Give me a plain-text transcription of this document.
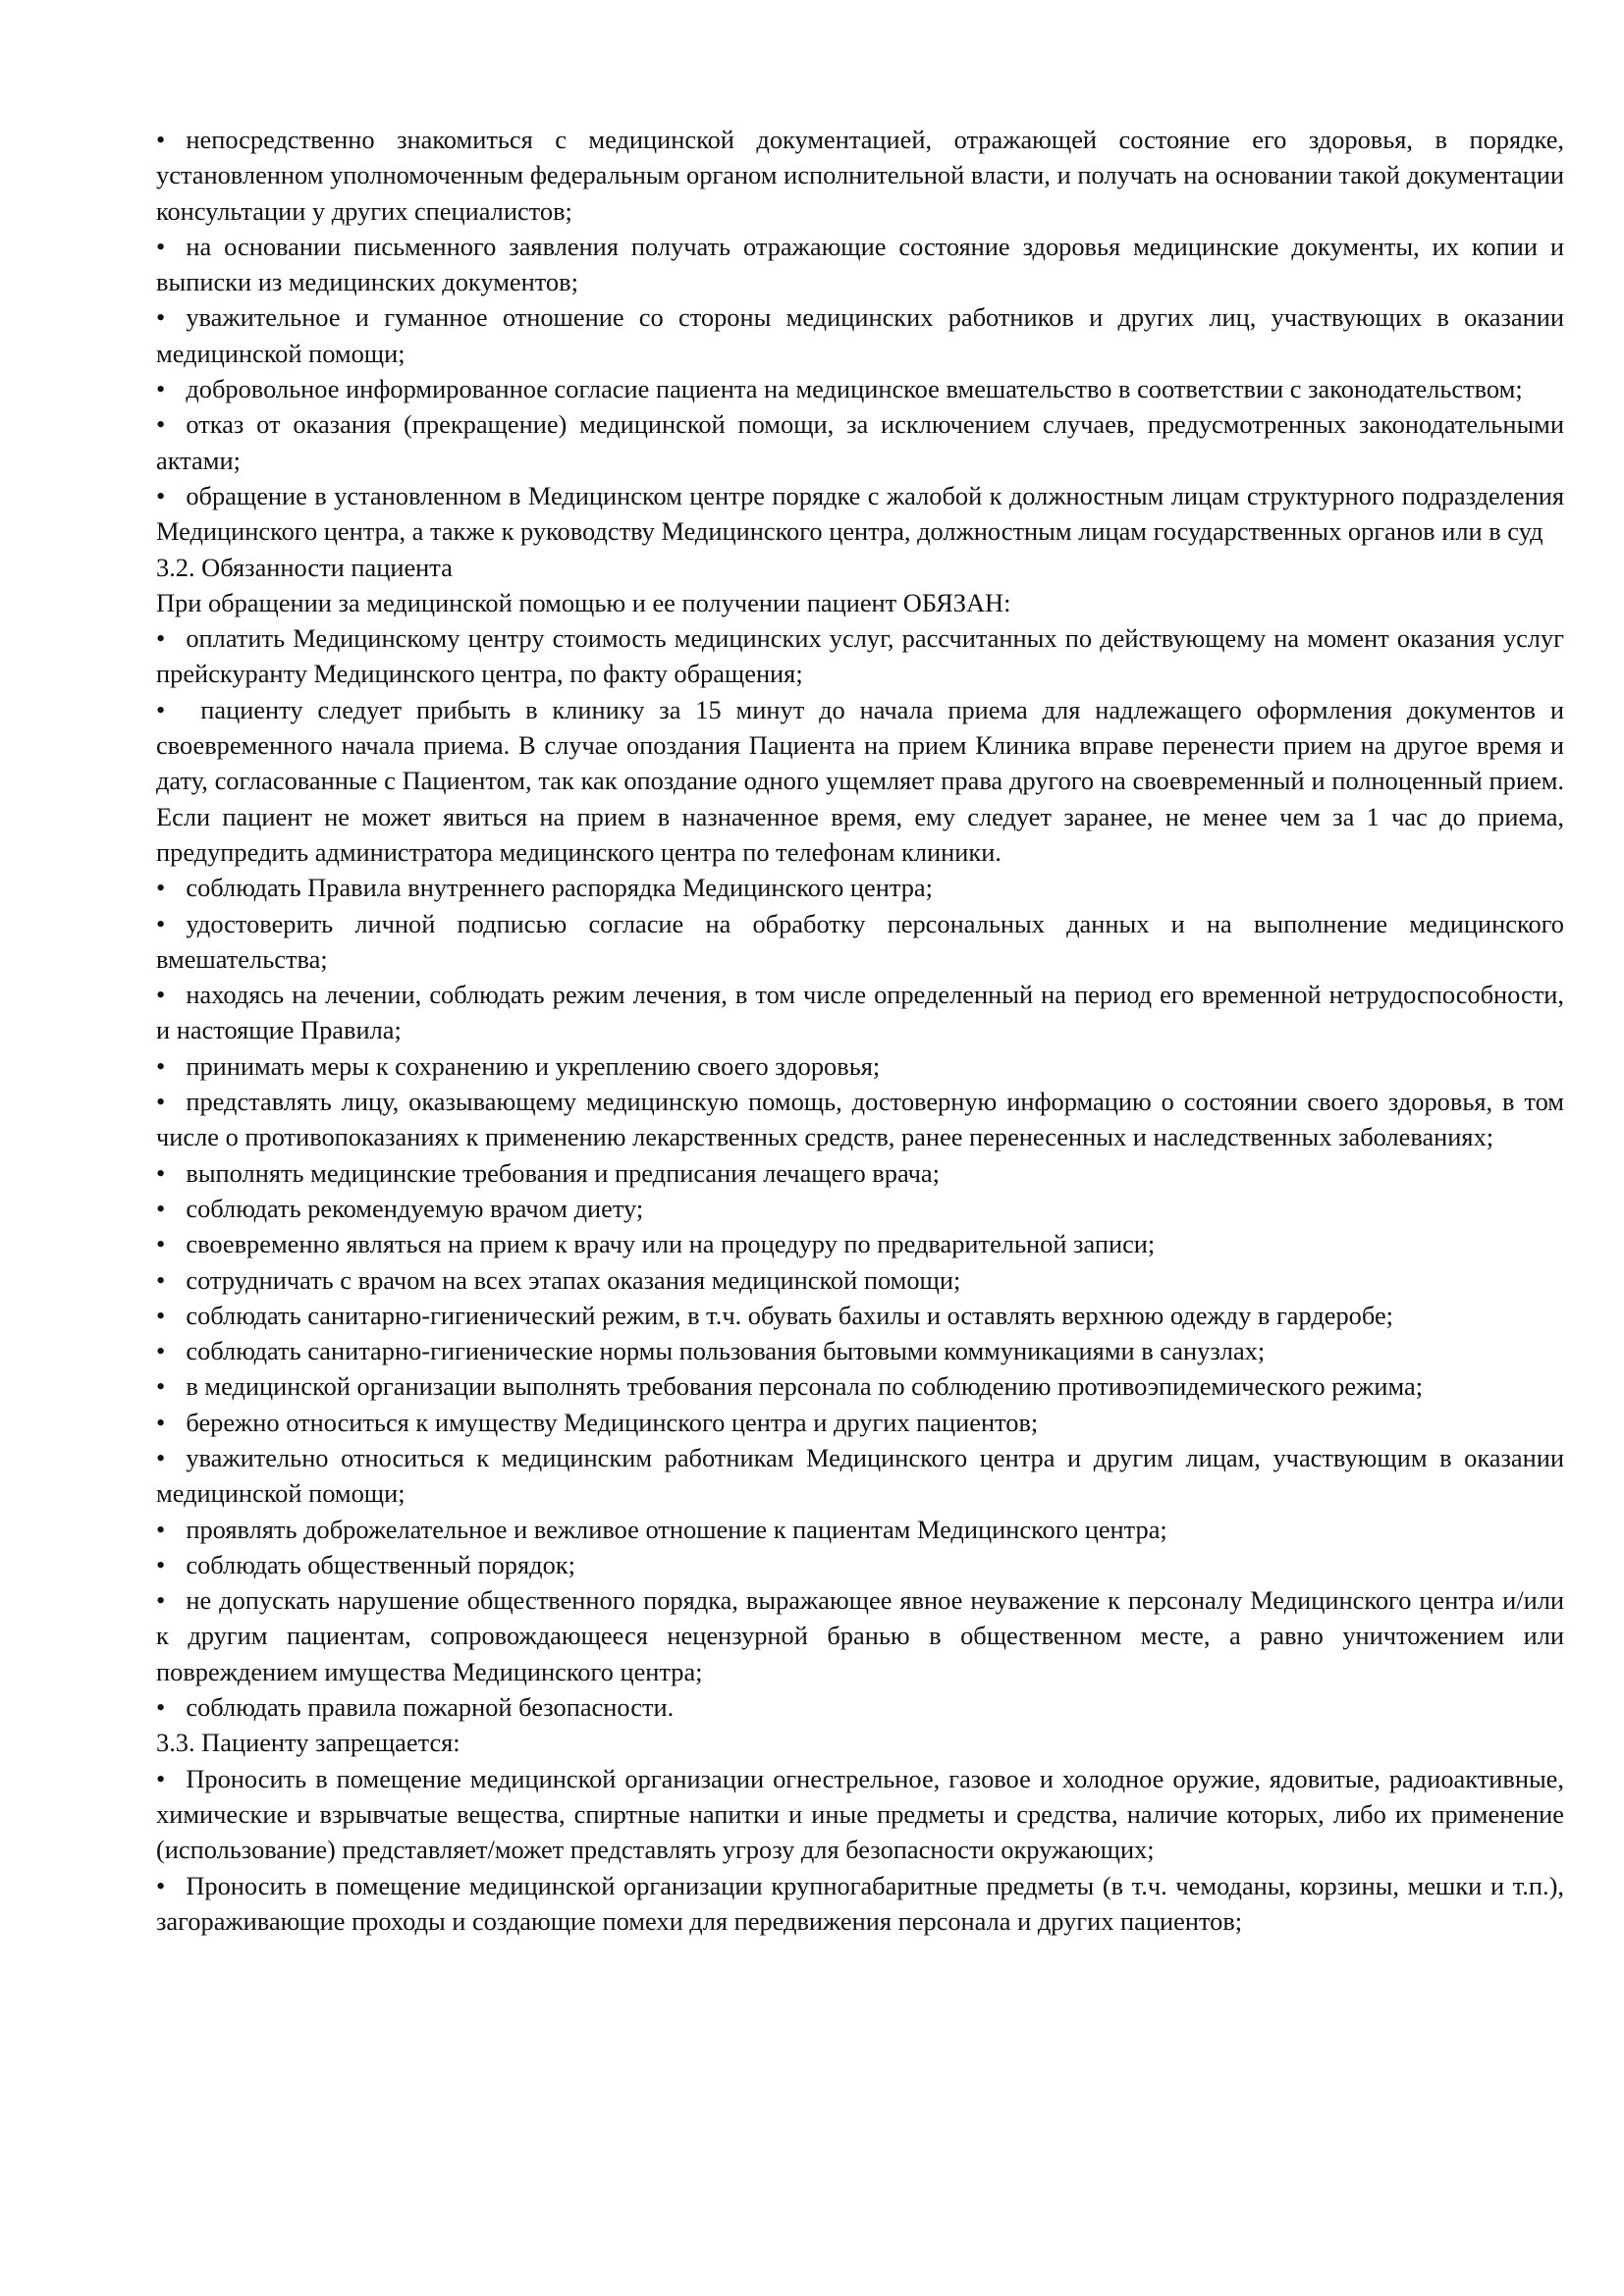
• непосредственно знакомиться с медицинской документацией, отражающей состояние его здоровья, в порядке, установленном уполномоченным федеральным органом исполнительной власти, и получать на основании такой документации консультации у других специалистов;

• на основании письменного заявления получать отражающие состояние здоровья медицинские документы, их копии и выписки из медицинских документов;

• уважительное и гуманное отношение со стороны медицинских работников и других лиц, участвующих в оказании медицинской помощи;

• добровольное информированное согласие пациента на медицинское вмешательство в соответствии с законодательством;

• отказ от оказания (прекращение) медицинской помощи, за исключением случаев, предусмотренных законодательными актами;

• обращение в установленном в Медицинском центре порядке с жалобой к должностным лицам структурного подразделения Медицинского центра, а также к руководству Медицинского центра, должностным лицам государственных органов или в суд

3.2. Обязанности пациента

При обращении за медицинской помощью и ее получении пациент ОБЯЗАН:

• оплатить Медицинскому центру стоимость медицинских услуг, рассчитанных по действующему на момент оказания услуг прейскуранту Медицинского центра, по факту обращения;

• пациенту следует прибыть в клинику за 15 минут до начала приема для надлежащего оформления документов и своевременного начала приема. В случае опоздания Пациента на прием Клиника вправе перенести прием на другое время и дату, согласованные с Пациентом, так как опоздание одного ущемляет права другого на своевременный и полноценный прием. Если пациент не может явиться на прием в назначенное время, ему следует заранее, не менее чем за 1 час до приема, предупредить администратора медицинского центра по телефонам клиники.

• соблюдать Правила внутреннего распорядка Медицинского центра;

• удостоверить личной подписью согласие на обработку персональных данных и на выполнение медицинского вмешательства;

• находясь на лечении, соблюдать режим лечения, в том числе определенный на период его временной нетрудоспособности, и настоящие Правила;

• принимать меры к сохранению и укреплению своего здоровья;

• представлять лицу, оказывающему медицинскую помощь, достоверную информацию о состоянии своего здоровья, в том числе о противопоказаниях к применению лекарственных средств, ранее перенесенных и наследственных заболеваниях;

• выполнять медицинские требования и предписания лечащего врача;

• соблюдать рекомендуемую врачом диету;

• своевременно являться на прием к врачу или на процедуру по предварительной записи;

• сотрудничать с врачом на всех этапах оказания медицинской помощи;

• соблюдать санитарно-гигиенический режим, в т.ч. обувать бахилы и оставлять верхнюю одежду в гардеробе;

• соблюдать санитарно-гигиенические нормы пользования бытовыми коммуникациями в санузлах;

• в медицинской организации выполнять требования персонала по соблюдению противоэпидемического режима;

• бережно относиться к имуществу Медицинского центра и других пациентов;

• уважительно относиться к медицинским работникам Медицинского центра и другим лицам, участвующим в оказании медицинской помощи;

• проявлять доброжелательное и вежливое отношение к пациентам Медицинского центра;

• соблюдать общественный порядок;

• не допускать нарушение общественного порядка, выражающее явное неуважение к персоналу Медицинского центра и/или к другим пациентам, сопровождающееся нецензурной бранью в общественном месте, а равно уничтожением или повреждением имущества Медицинского центра;

• соблюдать правила пожарной безопасности.

3.3. Пациенту запрещается:

• Проносить в помещение медицинской организации огнестрельное, газовое и холодное оружие, ядовитые, радиоактивные, химические и взрывчатые вещества, спиртные напитки и иные предметы и средства, наличие которых, либо их применение (использование) представляет/может представлять угрозу для безопасности окружающих;

• Проносить в помещение медицинской организации крупногабаритные предметы (в т.ч. чемоданы, корзины, мешки и т.п.), загораживающие проходы и создающие помехи для передвижения персонала и других пациентов;
